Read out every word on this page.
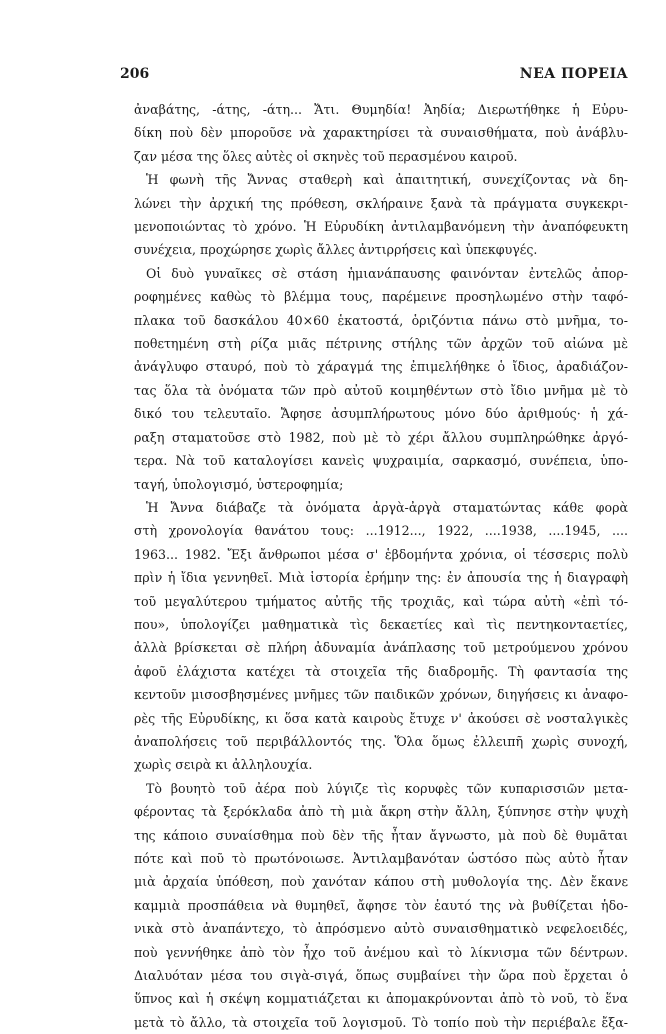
206	ΝΕΑ ΠΟΡΕΙΑ
ἀναβάτης, -άτης, -άτη... Ἄτι. Θυμηδία! Ἀηδία; Διερωτήθηκε ἡ Εὐρυ-
δίκη ποὺ δὲν μποροῦσε νὰ χαρακτηρίσει τὰ συναισθήματα, ποὺ ἀνάβλυ-
ζαν μέσα της ὅλες αὐτὲς οἱ σκηνὲς τοῦ περασμένου καιροῦ.
Ἡ φωνὴ τῆς Ἄννας σταθερὴ καὶ ἀπαιτητική, συνεχίζοντας νὰ δη-
λώνει τὴν ἀρχική της πρόθεση, σκλήραινε ξανὰ τὰ πράγματα συγκεκρι-
μενοποιώντας τὸ χρόνο. Ἡ Εὐρυδίκη ἀντιλαμβανόμενη τὴν ἀναπόφευκτη
συνέχεια, προχώρησε χωρὶς ἄλλες ἀντιρρήσεις καὶ ὑπεκφυγές.
Οἱ δυὸ γυναῖκες σὲ στάση ἡμιανάπαυσης φαινόνταν ἐντελῶς ἀπορ-
ροφημένες καθὼς τὸ βλέμμα τους, παρέμεινε προσηλωμένο στὴν ταφό-
πλακα τοῦ δασκάλου 40×60 ἑκατοστά, ὁριζόντια πάνω στὸ μνῆμα, το-
ποθετημένη στὴ ρίζα μιᾶς πέτρινης στήλης τῶν ἀρχῶν τοῦ αἰώνα μὲ
ἀνάγλυφο σταυρό, ποὺ τὸ χάραγμά της ἐπιμελήθηκε ὁ ἴδιος, ἀραδιάζον-
τας ὅλα τὰ ὀνόματα τῶν πρὸ αὐτοῦ κοιμηθέντων στὸ ἴδιο μνῆμα μὲ τὸ
δικό του τελευταῖο. Ἄφησε ἀσυμπλήρωτους μόνο δύο ἀριθμούς· ἡ χά-
ραξη σταματοῦσε στὸ 1982, ποὺ μὲ τὸ χέρι ἄλλου συμπληρώθηκε ἀργό-
τερα. Νὰ τοῦ καταλογίσει κανεὶς ψυχραιμία, σαρκασμό, συνέπεια, ὑπο-
ταγή, ὑπολογισμό, ὑστεροφημία;
Ἡ Ἄννα διάβαζε τὰ ὀνόματα ἀργὰ-ἀργὰ σταματώντας κάθε φορὰ
στὴ χρονολογία θανάτου τους: ...1912..., 1922, ....1938, ....1945, ....
1963... 1982. Ἔξι ἄνθρωποι μέσα σ' ἑβδομήντα χρόνια, οἱ τέσσερις πολὺ
πρὶν ἡ ἴδια γεννηθεῖ. Μιὰ ἱστορία ἐρήμην της: ἐν ἀπουσία της ἡ διαγραφὴ
τοῦ μεγαλύτερου τμήματος αὐτῆς τῆς τροχιᾶς, καὶ τώρα αὐτὴ «ἐπὶ τό-
που», ὑπολογίζει μαθηματικὰ τὶς δεκαετίες καὶ τὶς πεντηκονταετίες,
ἀλλὰ βρίσκεται σὲ πλήρη ἀδυναμία ἀνάπλασης τοῦ μετρούμενου χρόνου
ἀφοῦ ἐλάχιστα κατέχει τὰ στοιχεῖα τῆς διαδρομῆς. Τὴ φαντασία της
κεντοῦν μισοσβησμένες μνῆμες τῶν παιδικῶν χρόνων, διηγήσεις κι ἀναφο-
ρὲς τῆς Εὐρυδίκης, κι ὅσα κατὰ καιροὺς ἔτυχε ν' ἀκούσει σὲ νοσταλγικὲς
ἀναπολήσεις τοῦ περιβάλλοντός της. Ὅλα ὅμως ἐλλειπῆ χωρὶς συνοχή,
χωρὶς σειρὰ κι ἀλληλουχία.
Τὸ βουητὸ τοῦ ἀέρα ποὺ λύγιζε τὶς κορυφὲς τῶν κυπαρισσιῶν μετα-
φέροντας τὰ ξερόκλαδα ἀπὸ τὴ μιὰ ἄκρη στὴν ἄλλη, ξύπνησε στὴν ψυχὴ
της κάποιο συναίσθημα ποὺ δὲν τῆς ἦταν ἄγνωστο, μὰ ποὺ δὲ θυμᾶται
πότε καὶ ποῦ τὸ πρωτόνοιωσε. Ἀντιλαμβανόταν ὡστόσο πὼς αὐτὸ ἦταν
μιὰ ἀρχαία ὑπόθεση, ποὺ χανόταν κάπου στὴ μυθολογία της. Δὲν ἔκανε
καμμιὰ προσπάθεια νὰ θυμηθεῖ, ἄφησε τὸν ἑαυτό της νὰ βυθίζεται ἡδο-
νικὰ στὸ ἀναπάντεχο, τὸ ἀπρόσμενο αὐτὸ συναισθηματικὸ νεφελοειδές,
ποὺ γεννήθηκε ἀπὸ τὸν ἦχο τοῦ ἀνέμου καὶ τὸ λίκνισμα τῶν δέντρων.
Διαλυόταν μέσα του σιγὰ-σιγά, ὅπως συμβαίνει τὴν ὥρα ποὺ ἔρχεται ὁ
ὕπνος καὶ ἡ σκέψη κομματιάζεται κι ἀπομακρύνονται ἀπὸ τὸ νοῦ, τὸ ἕνα
μετὰ τὸ ἄλλο, τὰ στοιχεῖα τοῦ λογισμοῦ. Τὸ τοπίο ποὺ τὴν περιέβαλε ἔξα-
